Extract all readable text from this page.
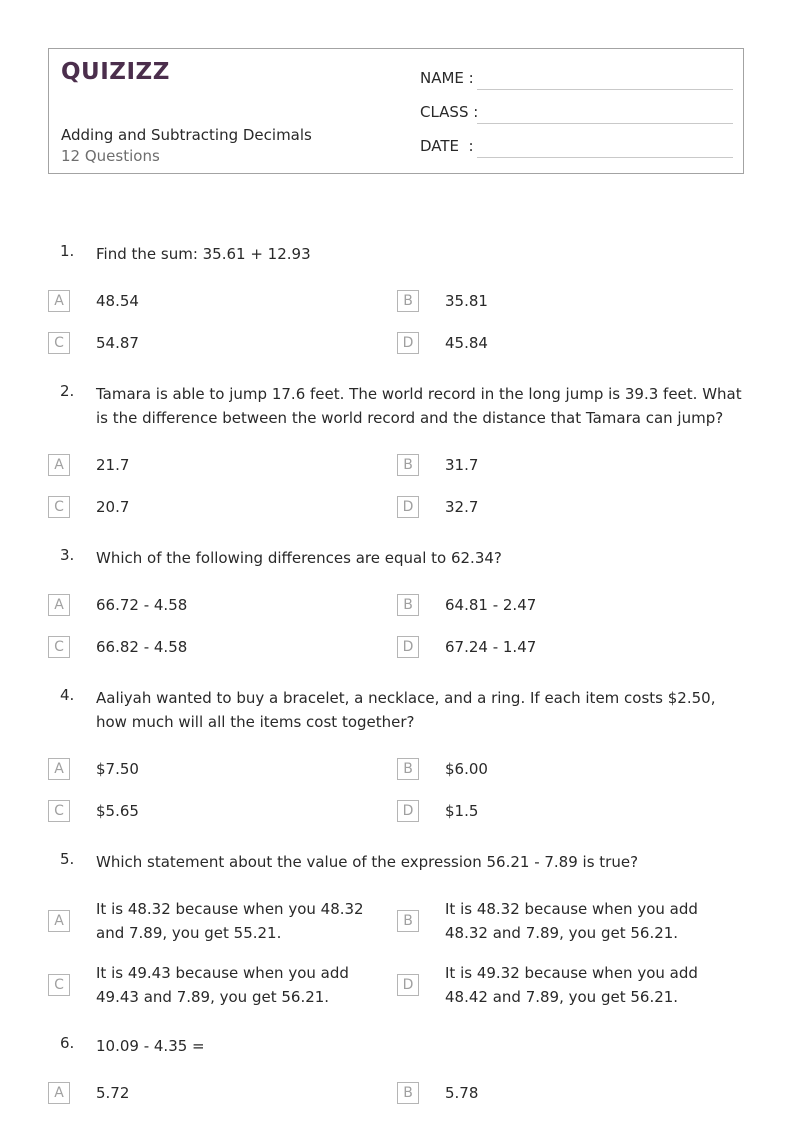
QUIZIZZ
Adding and Subtracting Decimals
12 Questions
NAME :
CLASS :
DATE  :
1. Find the sum: 35.61 + 12.93
A	48.54	B	35.81
C	54.87	D	45.84
2. Tamara is able to jump 17.6 feet. The world record in the long jump is 39.3 feet. What is the difference between the world record and the distance that Tamara can jump?
A	21.7	B	31.7
C	20.7	D	32.7
3. Which of the following differences are equal to 62.34?
A	66.72 - 4.58	B	64.81 - 2.47
C	66.82 - 4.58	D	67.24 - 1.47
4. Aaliyah wanted to buy a bracelet, a necklace, and a ring. If each item costs $2.50, how much will all the items cost together?
A	$7.50	B	$6.00
C	$5.65	D	$1.5
5. Which statement about the value of the expression 56.21 - 7.89 is true?
A
It is 48.32 because when you 48.32 and 7.89, you get 55.21.
B
It is 48.32 because when you add 48.32 and 7.89, you get 56.21.
C
It is 49.43 because when you add 49.43 and 7.89, you get 56.21.
D
It is 49.32 because when you add 48.42 and 7.89, you get 56.21.
6. 10.09 - 4.35 =
A	5.72	B	5.78
